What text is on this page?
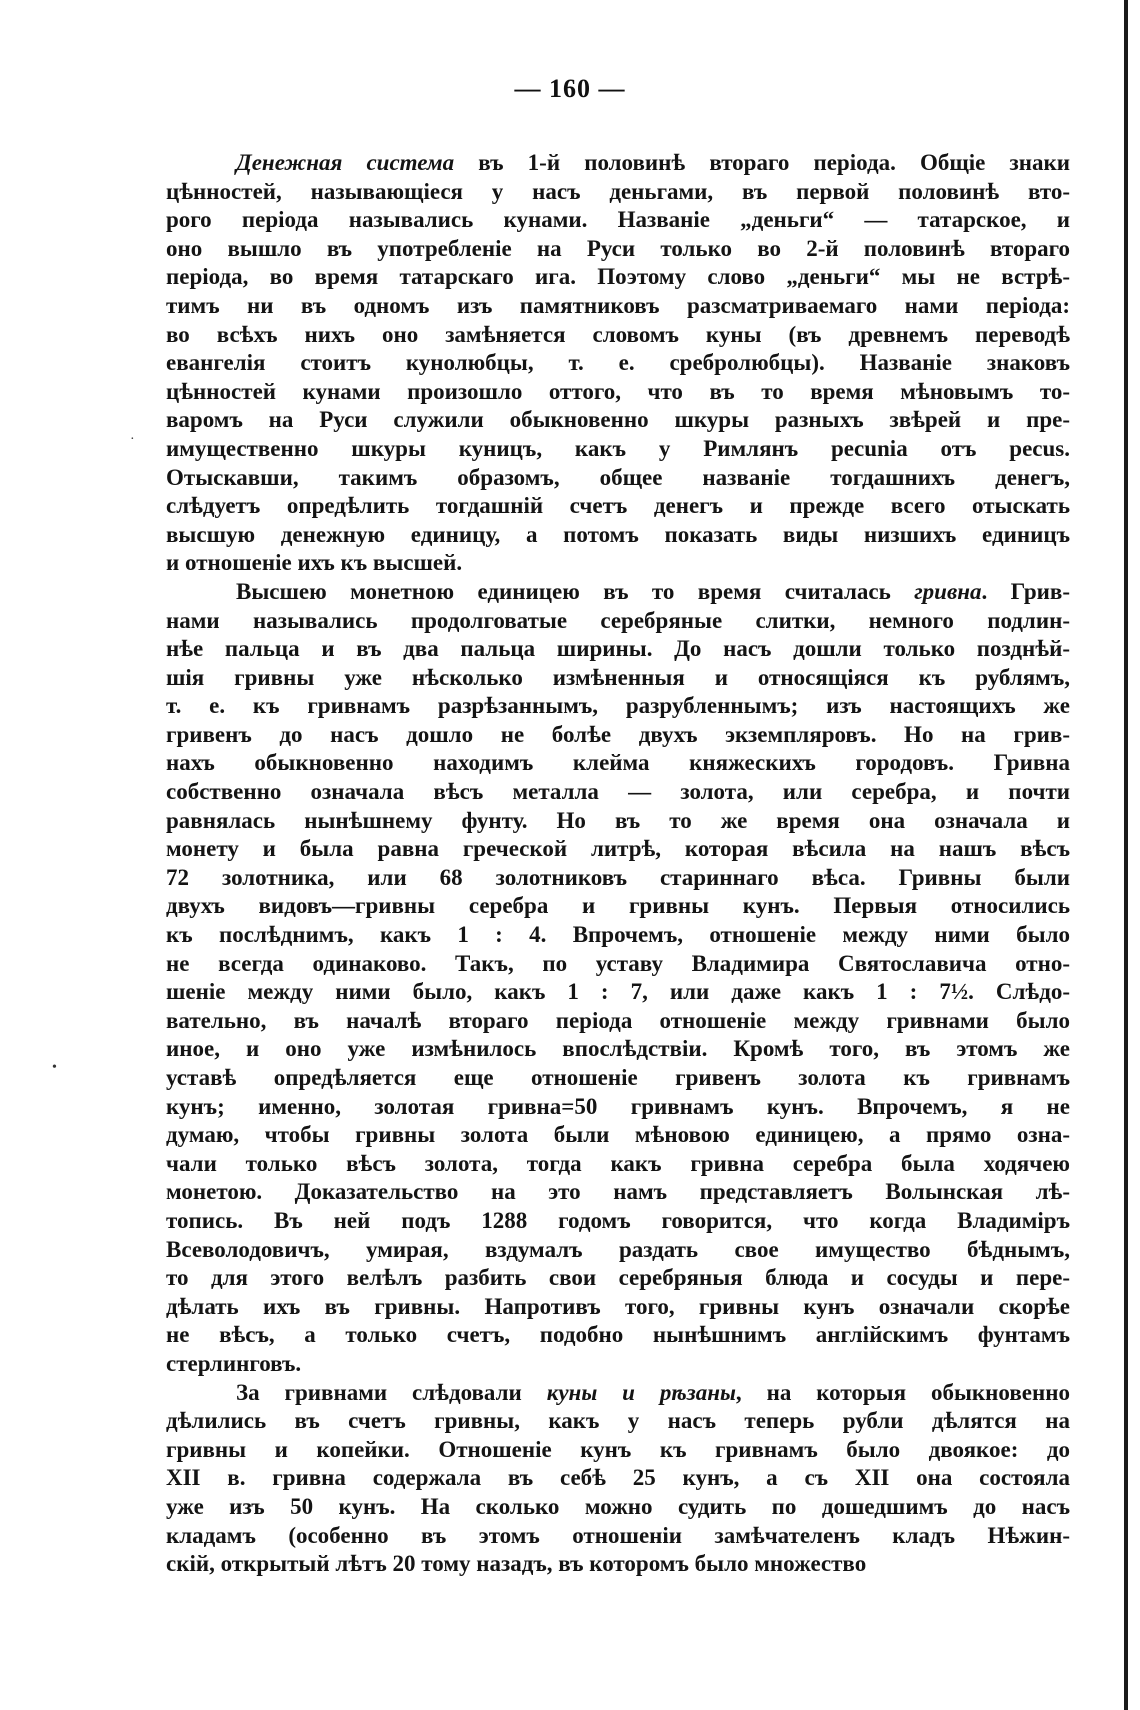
— 160 —
Денежная система въ 1-й половинѣ втораго періода. Общіе знаки
цѣнностей, называющіеся у насъ деньгами, въ первой половинѣ вто-
рого періода назывались кунами. Названіе „деньги“ — татарское, и
оно вышло въ употребленіе на Руси только во 2-й половинѣ втораго
періода, во время татарскаго ига. Поэтому слово „деньги“ мы не встрѣ-
тимъ ни въ одномъ изъ памятниковъ разсматриваемаго нами періода:
во всѣхъ нихъ оно замѣняется словомъ куны (въ древнемъ переводѣ
евангелія стоитъ кунолюбцы, т. е. сребролюбцы). Названіе знаковъ
цѣнностей кунами произошло оттого, что въ то время мѣновымъ то-
варомъ на Руси служили обыкновенно шкуры разныхъ звѣрей и пре-
имущественно шкуры куницъ, какъ у Римлянъ pecunia отъ pecus.
Отыскавши, такимъ образомъ, общее названіе тогдашнихъ денегъ,
слѣдуетъ опредѣлить тогдашній счетъ денегъ и прежде всего отыскать
высшую денежную единицу, а потомъ показать виды низшихъ единицъ
и отношеніе ихъ къ высшей.
Высшею монетною единицею въ то время считалась гривна. Грив-
нами назывались продолговатые серебряные слитки, немного подлин-
нѣе пальца и въ два пальца ширины. До насъ дошли только позднѣй-
шія гривны уже нѣсколько измѣненныя и относящіяся къ рублямъ,
т. е. къ гривнамъ разрѣзаннымъ, разрубленнымъ; изъ настоящихъ же
гривенъ до насъ дошло не болѣе двухъ экземпляровъ. Но на грив-
нахъ обыкновенно находимъ клейма княжескихъ городовъ. Гривна
собственно означала вѣсъ металла — золота, или серебра, и почти
равнялась нынѣшнему фунту. Но въ то же время она означала и
монету и была равна греческой литрѣ, которая вѣсила на нашъ вѣсъ
72 золотника, или 68 золотниковъ стариннаго вѣса. Гривны были
двухъ видовъ—гривны серебра и гривны кунъ. Первыя относились
къ послѣднимъ, какъ 1 : 4. Впрочемъ, отношеніе между ними было
не всегда одинаково. Такъ, по уставу Владимира Святославича отно-
шеніе между ними было, какъ 1 : 7, или даже какъ 1 : 7½. Слѣдо-
вательно, въ началѣ втораго періода отношеніе между гривнами было
иное, и оно уже измѣнилось впослѣдствіи. Кромѣ того, въ этомъ же
уставѣ опредѣляется еще отношеніе гривенъ золота къ гривнамъ
кунъ; именно, золотая гривна=50 гривнамъ кунъ. Впрочемъ, я не
думаю, чтобы гривны золота были мѣновою единицею, а прямо озна-
чали только вѣсъ золота, тогда какъ гривна серебра была ходячею
монетою. Доказательство на это намъ представляетъ Волынская лѣ-
топись. Въ ней подъ 1288 годомъ говорится, что когда Владиміръ
Всеволодовичъ, умирая, вздумалъ раздать свое имущество бѣднымъ,
то для этого велѣлъ разбить свои серебряныя блюда и сосуды и пере-
дѣлать ихъ въ гривны. Напротивъ того, гривны кунъ означали скорѣе
не вѣсъ, а только счетъ, подобно нынѣшнимъ англійскимъ фунтамъ
стерлинговъ.
За гривнами слѣдовали куны и рѣзаны, на которыя обыкновенно
дѣлились въ счетъ гривны, какъ у насъ теперь рубли дѣлятся на
гривны и копейки. Отношеніе кунъ къ гривнамъ было двоякое: до
XII в. гривна содержала въ себѣ 25 кунъ, а съ XII она состояла
уже изъ 50 кунъ. На сколько можно судить по дошедшимъ до насъ
кладамъ (особенно въ этомъ отношеніи замѣчателенъ кладъ Нѣжин-
скій, открытый лѣтъ 20 тому назадъ, въ которомъ было множество
·
•
